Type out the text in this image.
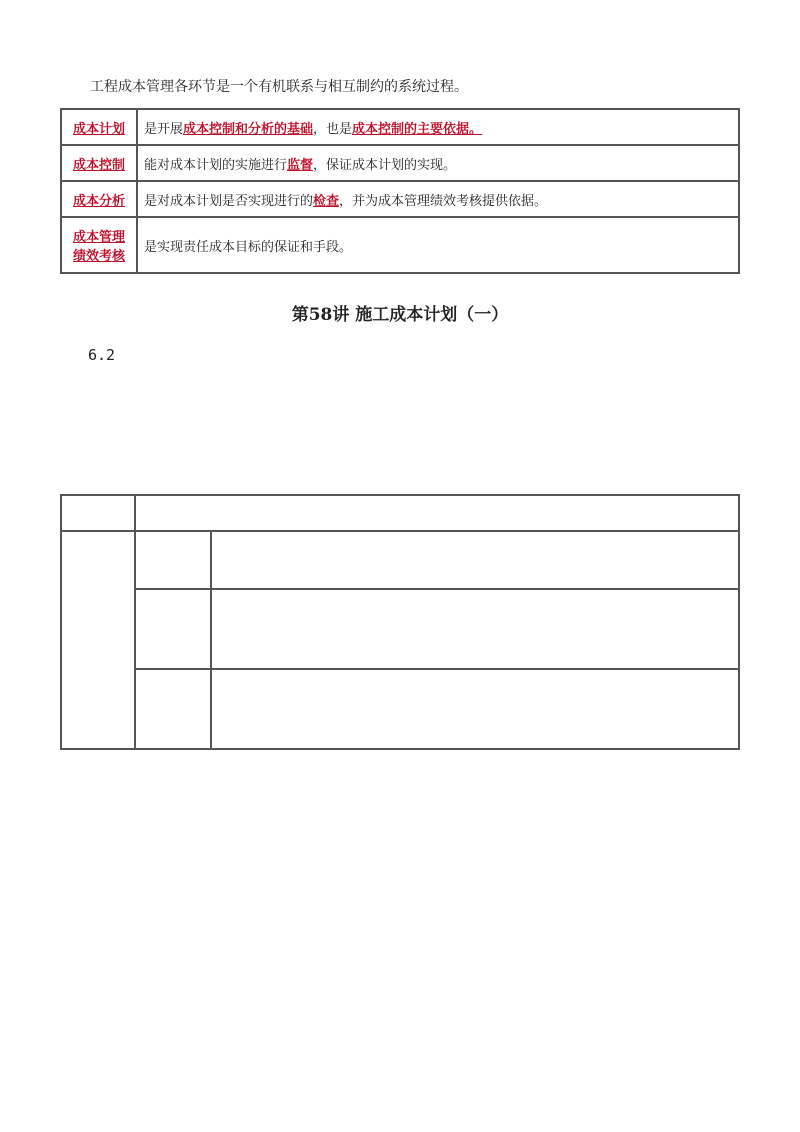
工程成本管理各环节是一个有机联系与相互制约的系统过程。
成本计划	是开展成本控制和分析的基础，也是成本控制的主要依据。
成本控制	能对成本计划的实施进行监督，保证成本计划的实现。
成本分析	是对成本计划是否实现进行的检查，并为成本管理绩效考核提供依据。
成本管理
绩效考核	是实现责任成本目标的保证和手段。
第58讲 施工成本计划（一）
6.2
